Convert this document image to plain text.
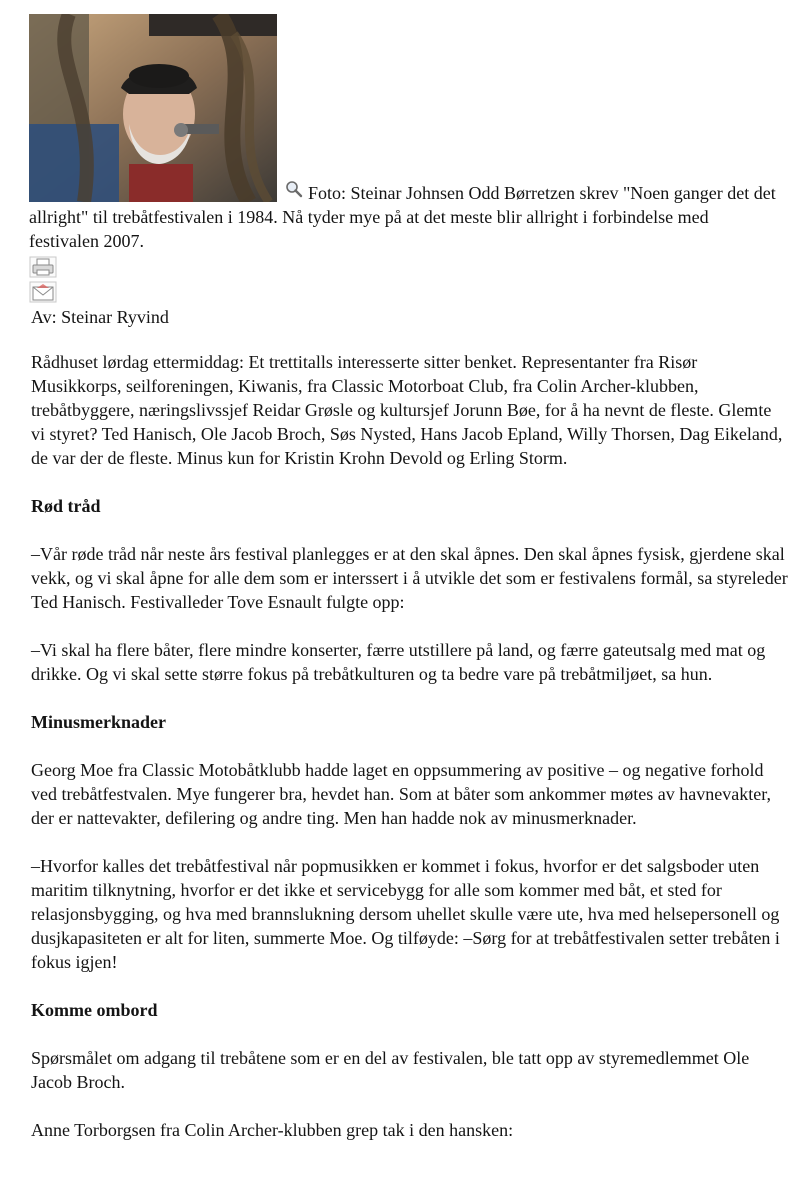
Foto: Steinar Johnsen Odd Børretzen skrev "Noen ganger det det allright" til trebåtfestivalen i 1984. Nå tyder mye på at det meste blir allright i forbindelse med festivalen 2007.
Av: Steinar Ryvind

Rådhuset lørdag ettermiddag: Et trettitalls interesserte sitter benket. Representanter fra Risør Musikkorps, seilforeningen, Kiwanis, fra Classic Motorboat Club, fra Colin Archer-klubben, trebåtbyggere, næringslivssjef Reidar Grøsle og kultursjef Jorunn Bøe, for å ha nevnt de fleste. Glemte vi styret? Ted Hanisch, Ole Jacob Broch, Søs Nysted, Hans Jacob Epland, Willy Thorsen, Dag Eikeland, de var der de fleste. Minus kun for Kristin Krohn Devold og Erling Storm.

Rød tråd

–Vår røde tråd når neste års festival planlegges er at den skal åpnes. Den skal åpnes fysisk, gjerdene skal vekk, og vi skal åpne for alle dem som er interssert i å utvikle det som er festivalens formål, sa styreleder Ted Hanisch. Festivalleder Tove Esnault fulgte opp:

–Vi skal ha flere båter, flere mindre konserter, færre utstillere på land, og færre gateutsalg med mat og drikke. Og vi skal sette større fokus på trebåtkulturen og ta bedre vare på trebåtmiljøet, sa hun.

Minusmerknader

Georg Moe fra Classic Motobåtklubb hadde laget en oppsummering av positive – og negative forhold ved trebåtfestvalen. Mye fungerer bra, hevdet han. Som at båter som ankommer møtes av havnevakter, der er nattevakter, defilering og andre ting. Men han hadde nok av minusmerknader.

–Hvorfor kalles det trebåtfestival når popmusikken er kommet i fokus, hvorfor er det salgsboder uten maritim tilknytning, hvorfor er det ikke et servicebygg for alle som kommer med båt, et sted for relasjonsbygging, og hva med brannslukning dersom uhellet skulle være ute, hva med helsepersonell og dusjkapasiteten er alt for liten, summerte Moe. Og tilføyde: –Sørg for at trebåtfestivalen setter trebåten i fokus igjen!

Komme ombord

Spørsmålet om adgang til trebåtene som er en del av festivalen, ble tatt opp av styremedlemmet Ole Jacob Broch.

Anne Torborgsen fra Colin Archer-klubben grep tak i den hansken:
